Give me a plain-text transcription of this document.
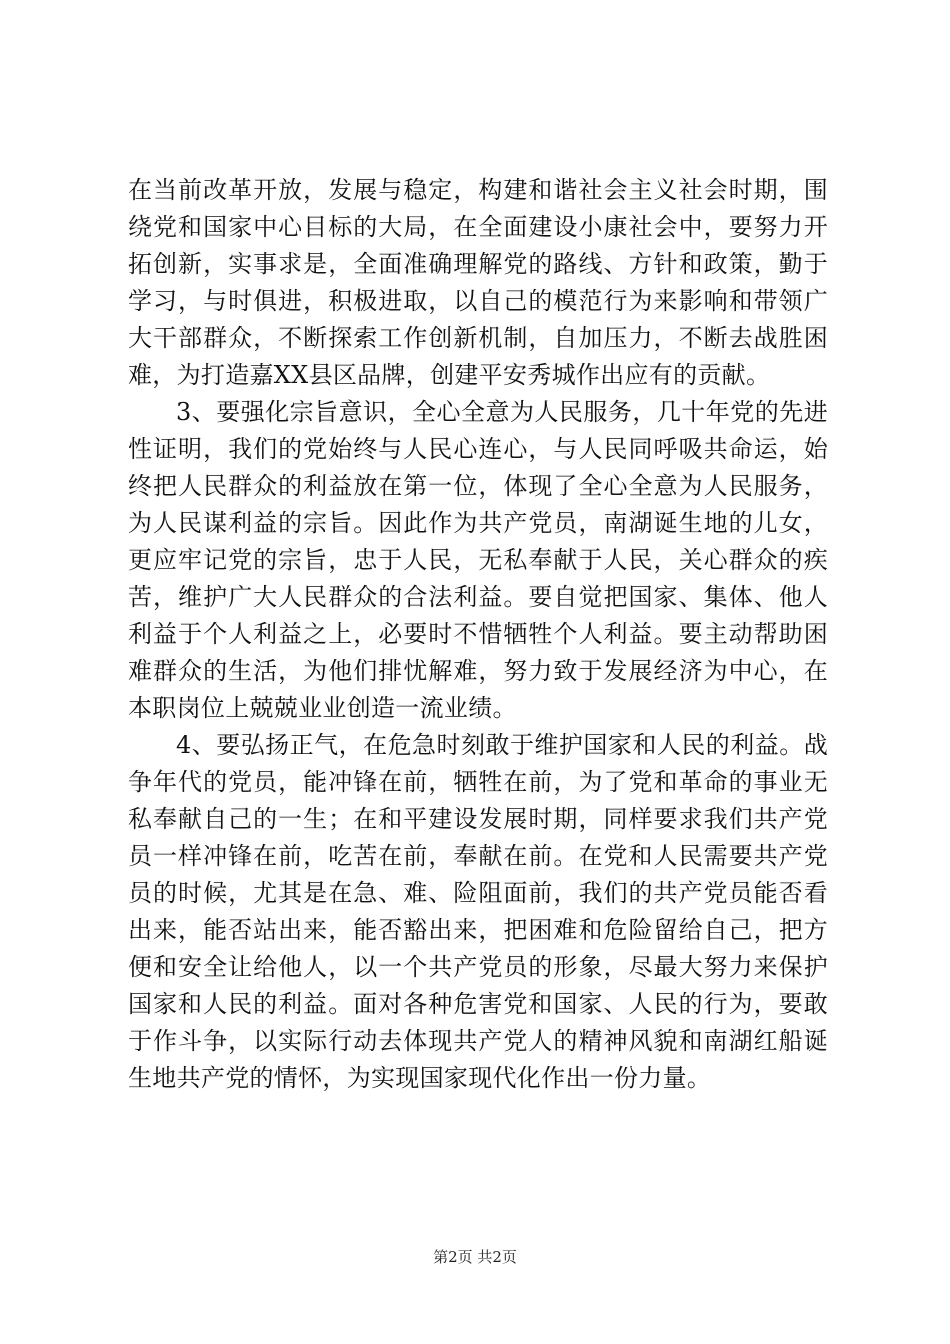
在当前改革开放，发展与稳定，构建和谐社会主义社会时期，围绕党和国家中心目标的大局，在全面建设小康社会中，要努力开拓创新，实事求是，全面准确理解党的路线、方针和政策，勤于学习，与时俱进，积极进取，以自己的模范行为来影响和带领广大干部群众，不断探索工作创新机制，自加压力，不断去战胜困难，为打造嘉XX县区品牌，创建平安秀城作出应有的贡献。

3、要强化宗旨意识，全心全意为人民服务，几十年党的先进性证明，我们的党始终与人民心连心，与人民同呼吸共命运，始终把人民群众的利益放在第一位，体现了全心全意为人民服务，为人民谋利益的宗旨。因此作为共产党员，南湖诞生地的儿女，更应牢记党的宗旨，忠于人民，无私奉献于人民，关心群众的疾苦，维护广大人民群众的合法利益。要自觉把国家、集体、他人利益于个人利益之上，必要时不惜牺牲个人利益。要主动帮助困难群众的生活，为他们排忧解难，努力致于发展经济为中心，在本职岗位上兢兢业业创造一流业绩。

4、要弘扬正气，在危急时刻敢于维护国家和人民的利益。战争年代的党员，能冲锋在前，牺牲在前，为了党和革命的事业无私奉献自己的一生；在和平建设发展时期，同样要求我们共产党员一样冲锋在前，吃苦在前，奉献在前。在党和人民需要共产党员的时候，尤其是在急、难、险阻面前，我们的共产党员能否看出来，能否站出来，能否豁出来，把困难和危险留给自己，把方便和安全让给他人，以一个共产党员的形象，尽最大努力来保护国家和人民的利益。面对各种危害党和国家、人民的行为，要敢于作斗争，以实际行动去体现共产党人的精神风貌和南湖红船诞生地共产党的情怀，为实现国家现代化作出一份力量。

第2页 共2页
